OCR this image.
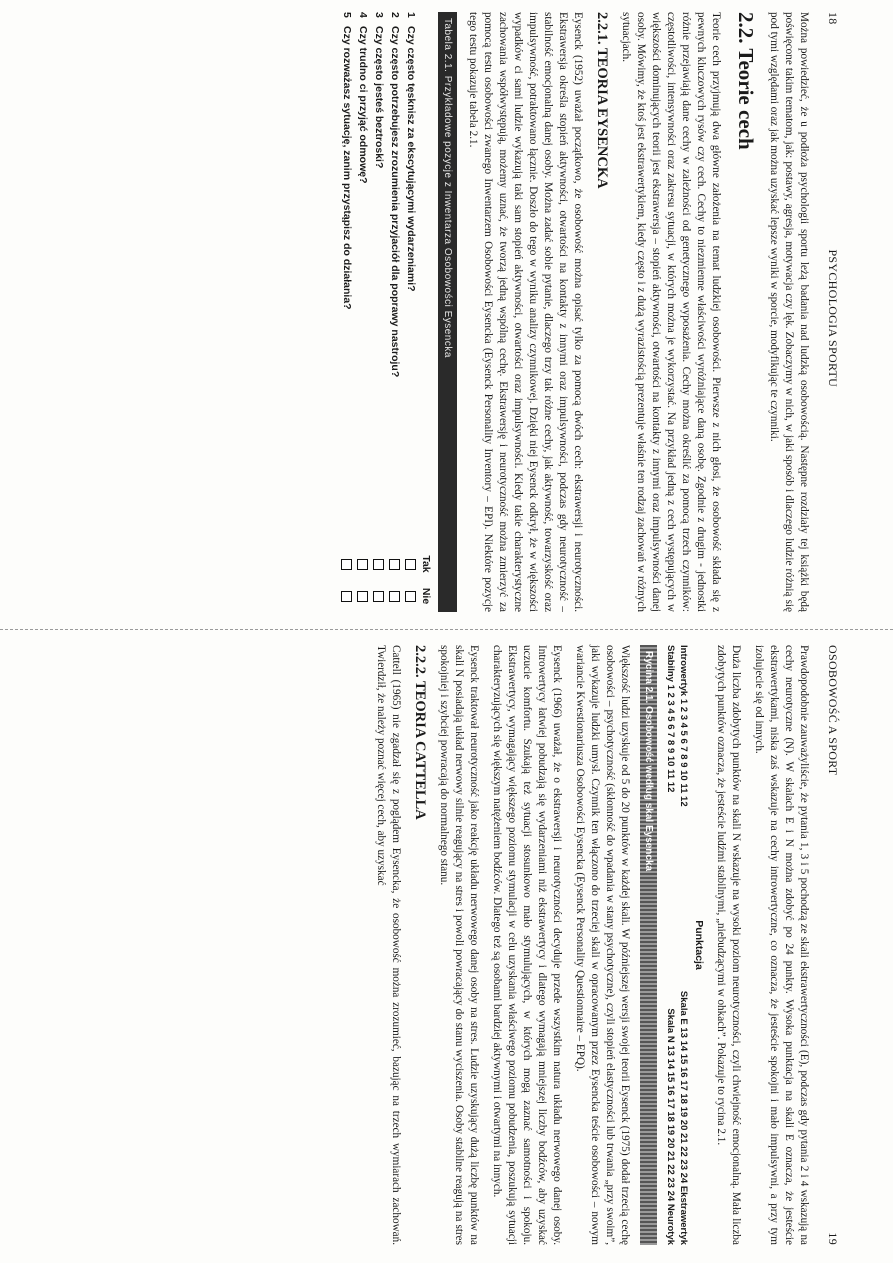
18
PSYCHOLOGIA SPORTU

Można powiedzieć, że u podłoża psychologii sportu leżą badania nad ludzką osobowością. Następne rozdziały tej książki będą poświęcone takim tematom, jak: postawy, agresja, motywacja czy lęk. Zobaczymy w nich, w jaki sposób i dlaczego ludzie różnią się pod tymi względami oraz jak można uzyskać lepsze wyniki w sporcie, modyfikując te czynniki.

2.2. Teorie cech

Teorie cech przyjmują dwa główne założenia na temat ludzkiej osobowości. Pierwsze z nich głosi, że osobowość składa się z pewnych kluczowych rysów czy cech. Cechy to niezmienne właściwości wyróżniające daną osobę. Zgodnie z drugim - jednostki różnie przejawiają dane cechy w zależności od genetycznego wyposażenia. Cechy można określić za pomocą trzech czynników: częstotliwości, intensywności oraz zakresu sytuacji, w których można je wykorzystać. Na przykład jedną z cech występujących w większości dominujących teorii jest ekstrawersja – stopień aktywności, otwartości na kontakty z innymi oraz impulsywności danej osoby. Mówimy, że ktoś jest ekstrawertykiem, kiedy często i z dużą wyrazistością prezentuje właśnie ten rodzaj zachowań w różnych sytuacjach.

2.2.1. TEORIA EYSENCKA

Eysenck (1952) uważał początkowo, że osobowość można opisać tylko za pomocą dwóch cech: ekstrawersji i neurotyczności. Ekstrawersja określa stopień aktywności, otwartości na kontakty z innymi oraz impulsywności, podczas gdy neurotyczność – stabilność emocjonalną danej osoby. Można zadać sobie pytanie, dlaczego trzy tak różne cechy, jak aktywność, towarzyskość oraz impulsywność, potraktowano łącznie. Doszło do tego w wyniku analizy czynnikowej. Dzięki niej Eysenck odkrył, że w większości wypadków ci sami ludzie wykazują taki sam stopień aktywności, otwartości oraz impulsywności. Kiedy takie charakterystyczne zachowania współwystępują, możemy uznać, że tworzą jedną wspólną cechę. Ekstrawersję i neurotyczność można zmierzyć za pomocą testu osobowości zwanego Inwentarzem Osobowości Eysencka (Eysenck Personality Inventory – EPI). Niektóre pozycje tego testu pokazuje tabela 2.1.

Tabela 2.1. Przykładowe pozycje z Inwentarza Osobowości Eysencka
Tak
Nie
1
Czy często tęsknisz za ekscytującymi wydarzeniami?
2
Czy często potrzebujesz zrozumienia przyjaciół dla poprawy nastroju?
3
Czy często jesteś beztroski?
4
Czy trudno ci przyjąć odmowę?
5
Czy rozważasz sytuację, zanim przystąpisz do działania?
OSOBOWOŚĆ A SPORT
19

Prawdopodobnie zauważyliście, że pytania 1, 3 i 5 pochodzą ze skali ekstrawertyczności (E), podczas gdy pytania 2 i 4 wskazują na cechy neurotyczne (N). W skalach E i N można zdobyć po 24 punkty. Wysoka punktacja na skali E oznacza, że jesteście ekstrawertykami, niska zaś wskazuje na cechy introwertyczne, co oznacza, że jesteście spokojni i mało impulsywni, a przy tym izolujecie się od innych.

Duża liczba zdobytych punktów na skali N wskazuje na wysoki poziom neurotyczności, czyli chwiejność emocjonalną. Mała liczba zdobytych punktów oznacza, że jesteście ludźmi stabilnymi, „niebudzącymi w ohkach”. Pokazuje to rycina 2.1.

Punktacja
Introwertyk 1 2 3 4 5 6 7 8 9 10 11 12
Skala E 13 14 15 16 17 18 19 20 21 22 23 24 Ekstrawertyk
Stabilny 1 2 3 4 5 6 7 8 9 10 11 12
Skala N 13 14 15 16 17 18 19 20 21 22 23 24 Neurotyk
Rycina 2.1. Osobowość według skal Eysencka

Większość ludzi uzyskuje od 5 do 20 punktów w każdej skali. W późniejszej wersji swojej teorii Eysenck (1975) dodał trzecią cechę osobowości – psychotyczność (skłonność do wpadania w stany psychotyczne), czyli stopień elastyczności lub trwania „przy swoim”, jaki wykazuje ludzki umysł. Czynnik ten włączono do trzeciej skali w opracowanym przez Eysencka teście osobowości – nowym wariancie Kwestionariusza Osobowości Eysencka (Eysenck Personality Questionnaire – EPQ).

Eysenck (1966) uważał, że o ekstrawersji i neurotyczności decyduje przede wszystkim natura układu nerwowego danej osoby. Introwertycy łatwiej pobudzają się wydarzeniami niż ekstrawertycy i dlatego wymagają mniejszej liczby bodźców, aby uzyskać uczucie komfortu. Szukają też sytuacji stosunkowo mało stymulujących, w których mogą zaznać samotności i spokoju. Ekstrawertycy, wymagający większego poziomu stymulacji w celu uzyskania właściwego poziomu pobudzenia, poszukują sytuacji charakteryzujących się większym natężeniem bodźców. Dlatego też są osobami bardziej aktywnymi i otwartymi na innych.

Eysenck traktował neurotyczność jako reakcję układu nerwowego danej osoby na stres. Ludzie uzyskujący dużą liczbę punktów na skali N posiadają układ nerwowy silnie reagujący na stres i powoli powracający do stanu wyciszenia. Osoby stabilne reagują na stres spokojniej i szybciej powracają do normalnego stanu.

2.2.2. TEORIA CATTELLA

Cattell (1965) nie zgadzał się z poglądem Eysencka, że osobowość można zrozumieć, bazując na trzech wymiarach zachowań. Twierdził, że należy poznać więcej cech, aby uzyskać
